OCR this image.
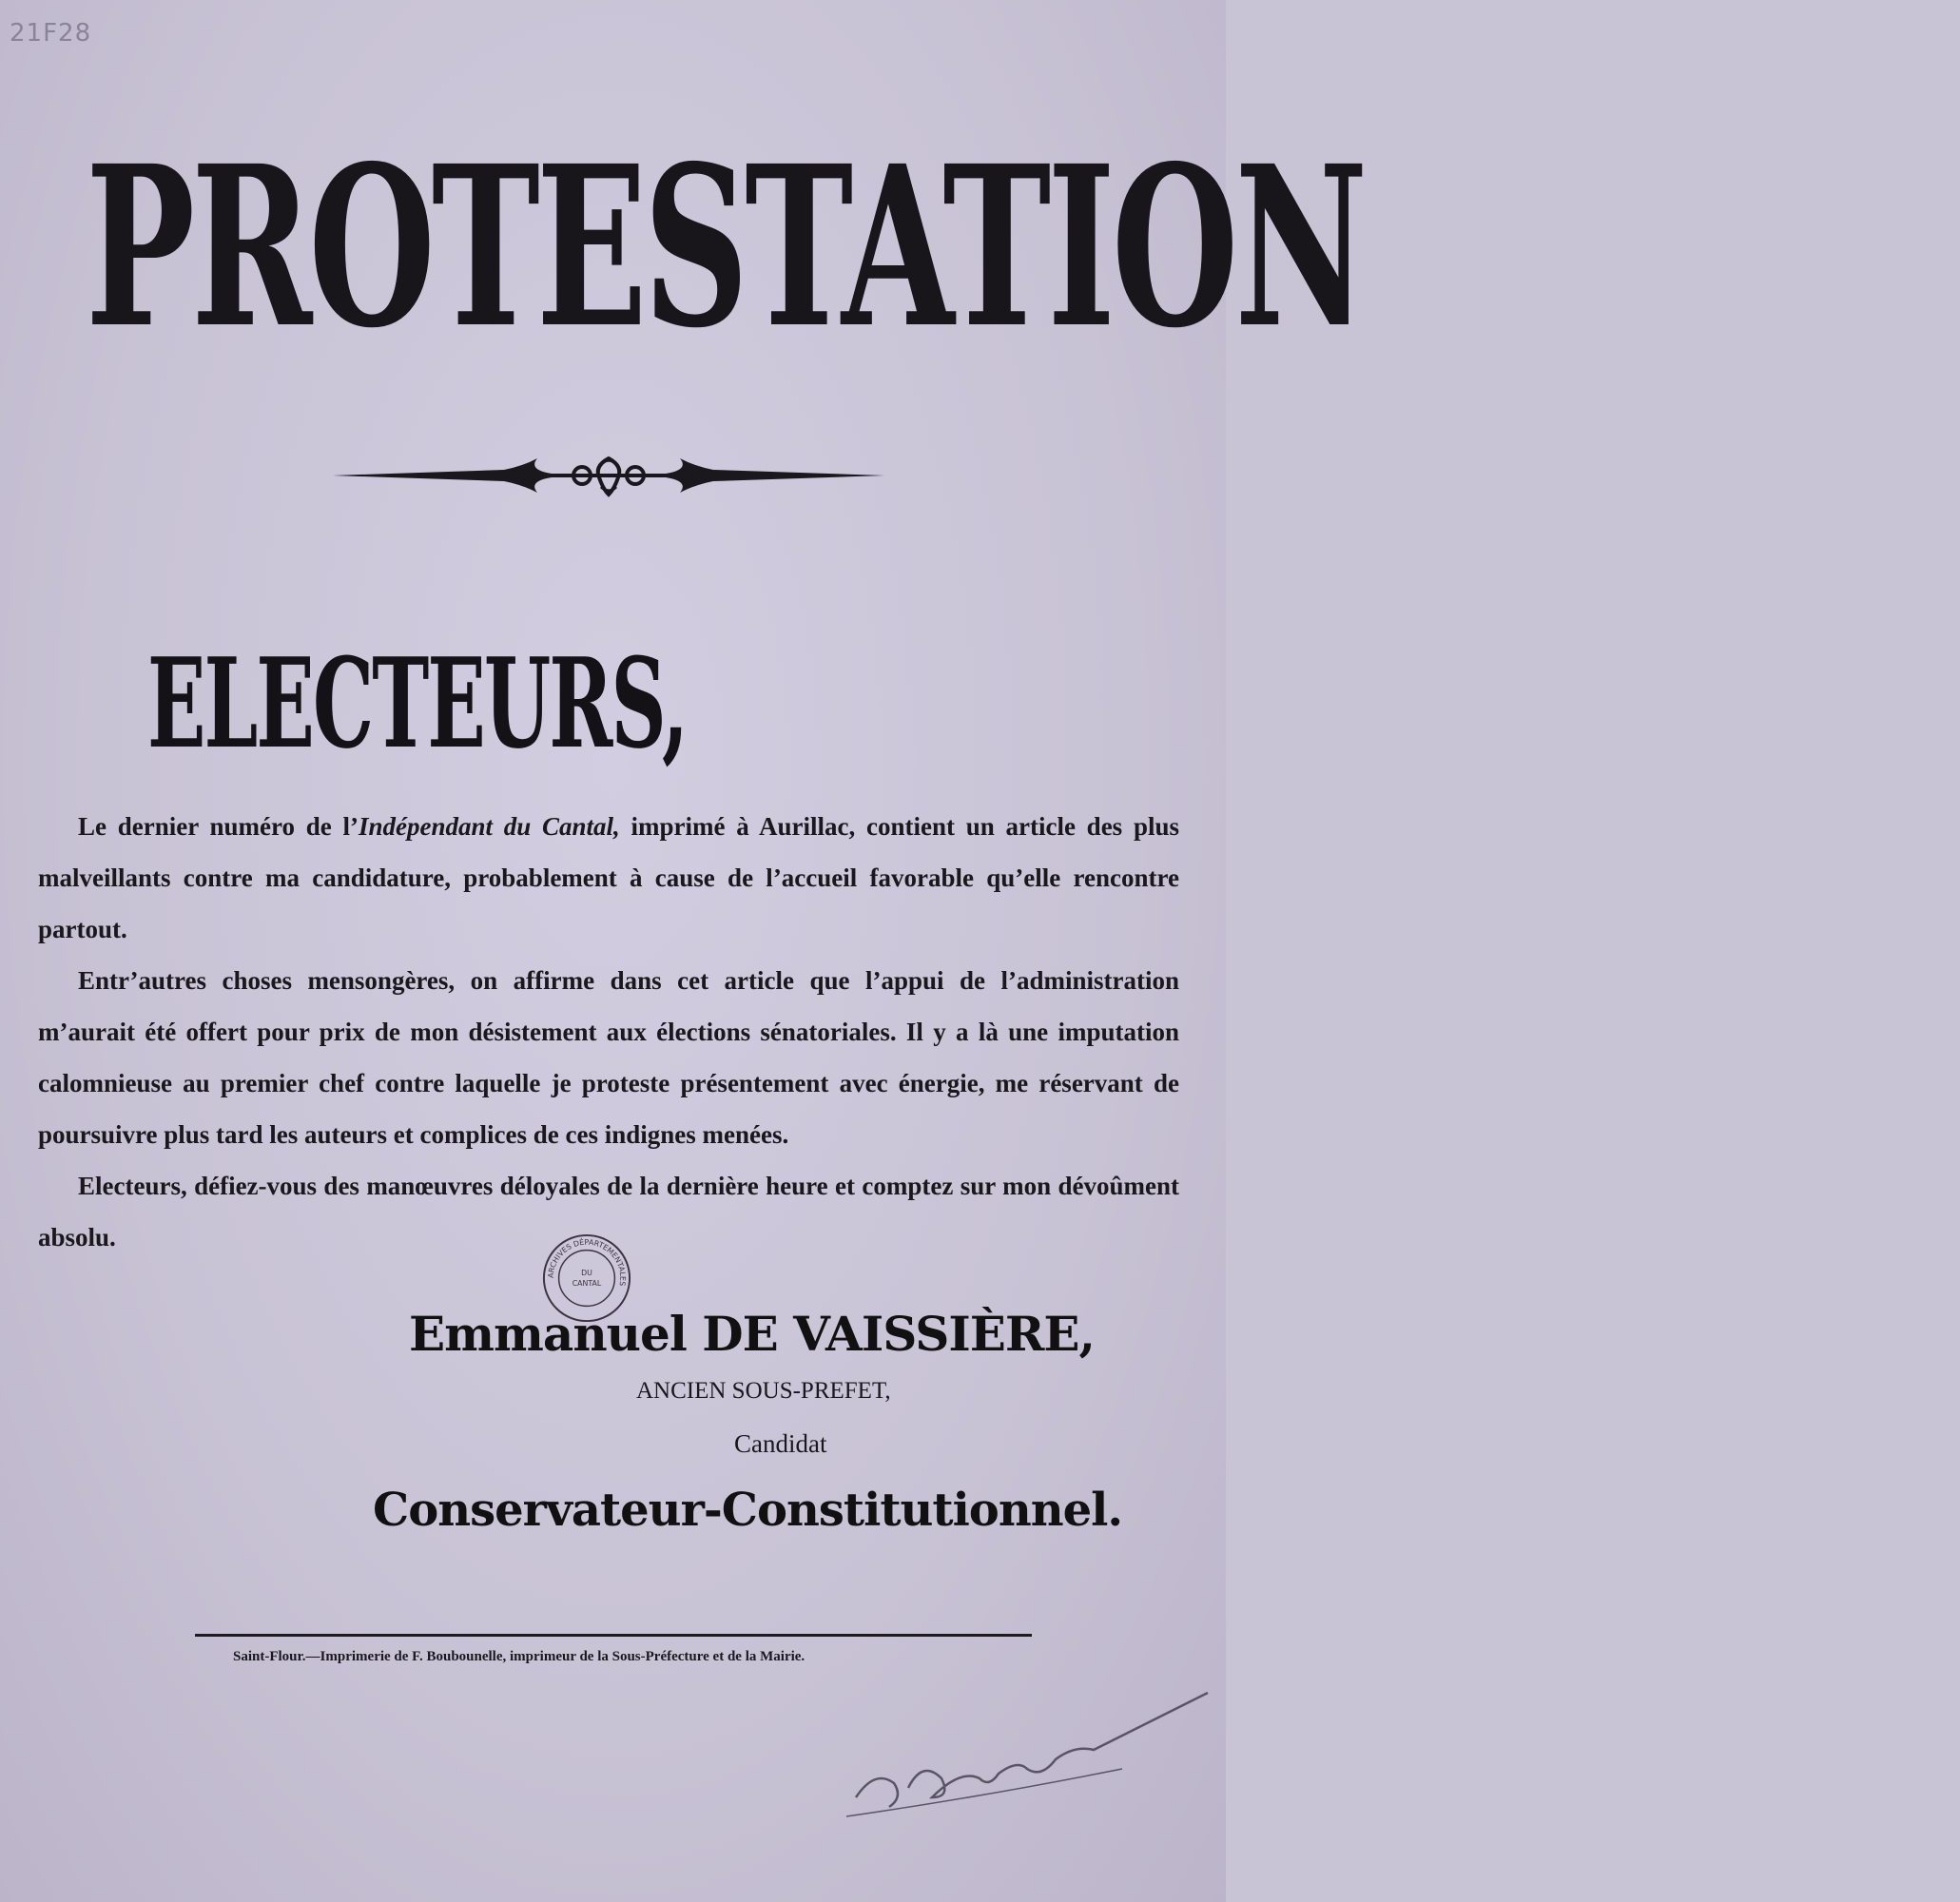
21F28
PROTESTATION
ELECTEURS,

Le dernier numéro de l’Indépendant du Cantal, imprimé à Aurillac, contient un article des plus malveillants contre ma candidature, probablement à cause de l’accueil favorable qu’elle rencontre partout.

Entr’autres choses mensongères, on affirme dans cet article que l’appui de l’administration m’aurait été offert pour prix de mon désistement aux élections sénatoriales. Il y a là une imputation calomnieuse au premier chef contre laquelle je proteste présentement avec énergie, me réservant de poursuivre plus tard les auteurs et complices de ces indignes menées.

Electeurs, défiez-vous des manœuvres déloyales de la dernière heure et comptez sur mon dévoûment absolu.

ARCHIVES DÉPARTEMENTALES
DU
CANTAL
Emmanuel DE VAISSIÈRE,
ANCIEN SOUS-PREFET,
Candidat
Conservateur-Constitutionnel.
Saint-Flour.—Imprimerie de F. Boubounelle, imprimeur de la Sous-Préfecture et de la Mairie.
